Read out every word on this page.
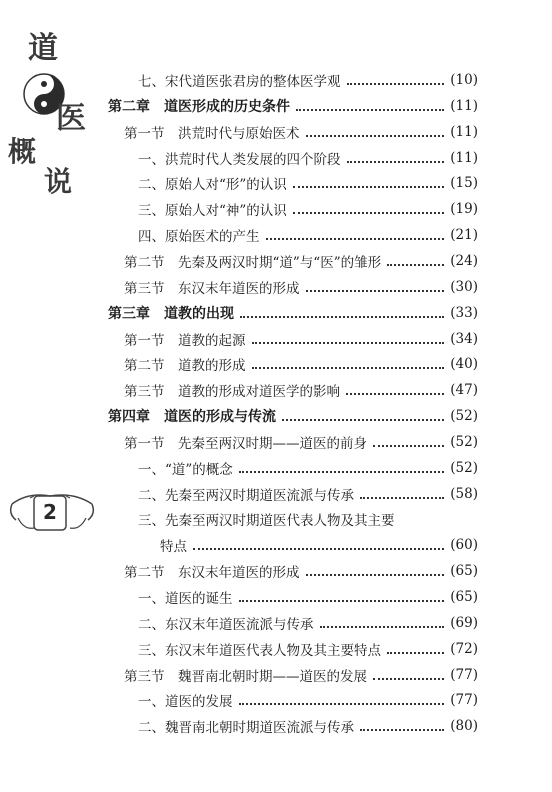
道
医
概
说
2
七、宋代道医张君房的整体医学观	(10)
第二章　道医形成的历史条件	(11)
第一节　洪荒时代与原始医术	(11)
一、洪荒时代人类发展的四个阶段	(11)
二、原始人对“形”的认识	(15)
三、原始人对“神”的认识	(19)
四、原始医术的产生	(21)
第二节　先秦及两汉时期“道”与“医”的雏形	(24)
第三节　东汉末年道医的形成	(30)
第三章　道教的出现	(33)
第一节　道教的起源	(34)
第二节　道教的形成	(40)
第三节　道教的形成对道医学的影响	(47)
第四章　道医的形成与传流	(52)
第一节　先秦至两汉时期——道医的前身	(52)
一、“道”的概念	(52)
二、先秦至两汉时期道医流派与传承	(58)
三、先秦至两汉时期道医代表人物及其主要
特点	(60)
第二节　东汉末年道医的形成	(65)
一、道医的诞生	(65)
二、东汉末年道医流派与传承	(69)
三、东汉末年道医代表人物及其主要特点	(72)
第三节　魏晋南北朝时期——道医的发展	(77)
一、道医的发展	(77)
二、魏晋南北朝时期道医流派与传承	(80)
